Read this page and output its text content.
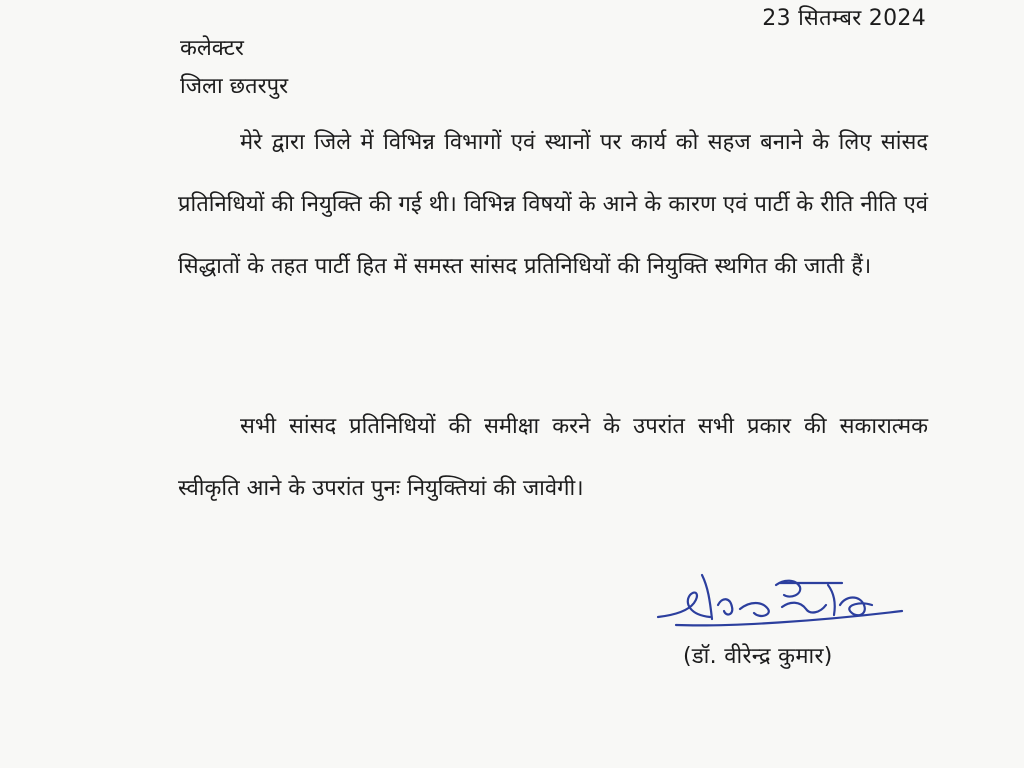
23 सितम्बर 2024
कलेक्टर
जिला छतरपुर

मेरे द्वारा जिले में विभिन्न विभागों एवं स्थानों पर कार्य को सहज बनाने के लिए सांसद प्रतिनिधियों की नियुक्ति की गई थी। विभिन्न विषयों के आने के कारण एवं पार्टी के रीति नीति एवं सिद्धातों के तहत पार्टी हित में समस्त सांसद प्रतिनिधियों की नियुक्ति स्थगित की जाती हैं।

सभी सांसद प्रतिनिधियों की समीक्षा करने के उपरांत सभी प्रकार की सकारात्मक स्वीकृति आने के उपरांत पुनः नियुक्तियां की जावेगी।

(डॉ. वीरेन्द्र कुमार)
